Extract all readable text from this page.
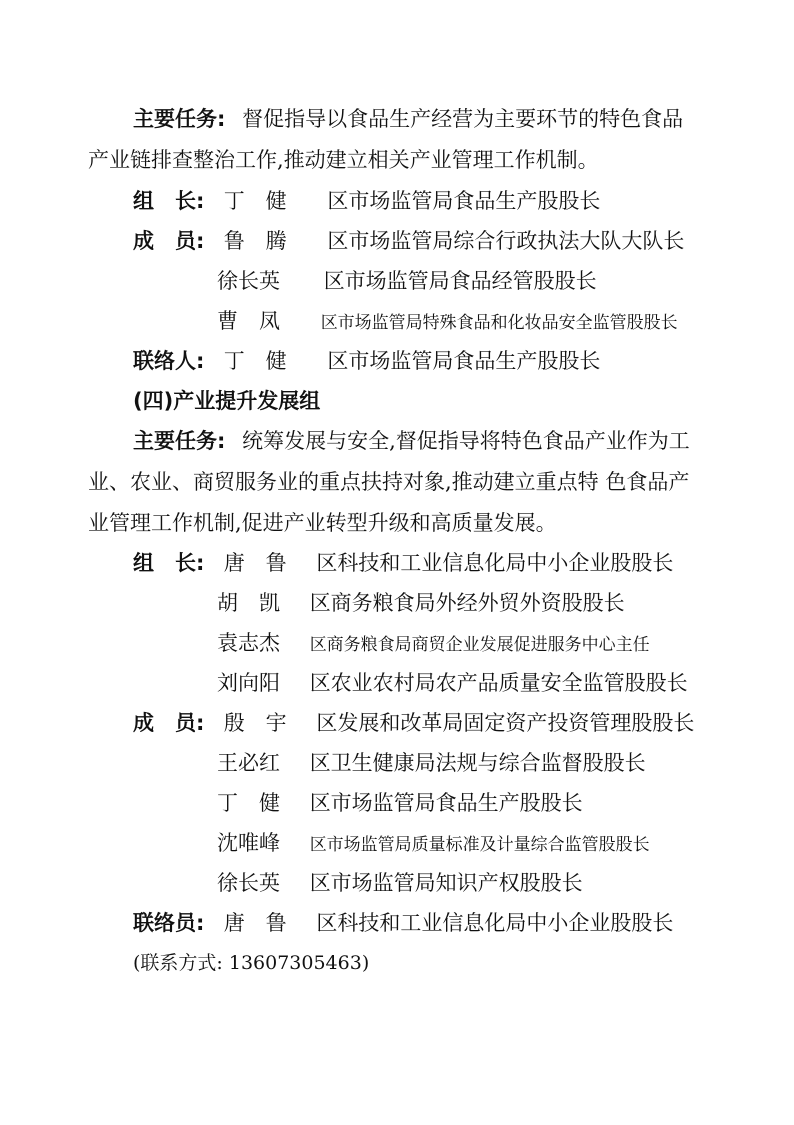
主要任务: 督促指导以食品生产经营为主要环节的特色食品
产业链排查整治工作,推动建立相关产业管理工作机制。
组　长: 丁　健 区市场监管局食品生产股股长
成　员: 鲁　腾 区市场监管局综合行政执法大队大队长
徐长英 区市场监管局食品经管股股长
曹　凤 区市场监管局特殊食品和化妆品安全监管股股长
联络人: 丁　健 区市场监管局食品生产股股长
(四)产业提升发展组
主要任务: 统筹发展与安全,督促指导将特色食品产业作为工
业、农业、商贸服务业的重点扶持对象,推动建立重点特 色食品产
业管理工作机制,促进产业转型升级和高质量发展。
组　长: 唐　鲁 区科技和工业信息化局中小企业股股长
胡　凯 区商务粮食局外经外贸外资股股长
袁志杰 区商务粮食局商贸企业发展促进服务中心主任
刘向阳 区农业农村局农产品质量安全监管股股长
成　员: 殷　宇 区发展和改革局固定资产投资管理股股长
王必红 区卫生健康局法规与综合监督股股长
丁　健 区市场监管局食品生产股股长
沈唯峰 区市场监管局质量标准及计量综合监管股股长
徐长英 区市场监管局知识产权股股长
联络员: 唐　鲁 区科技和工业信息化局中小企业股股长
(联系方式: 13607305463)
